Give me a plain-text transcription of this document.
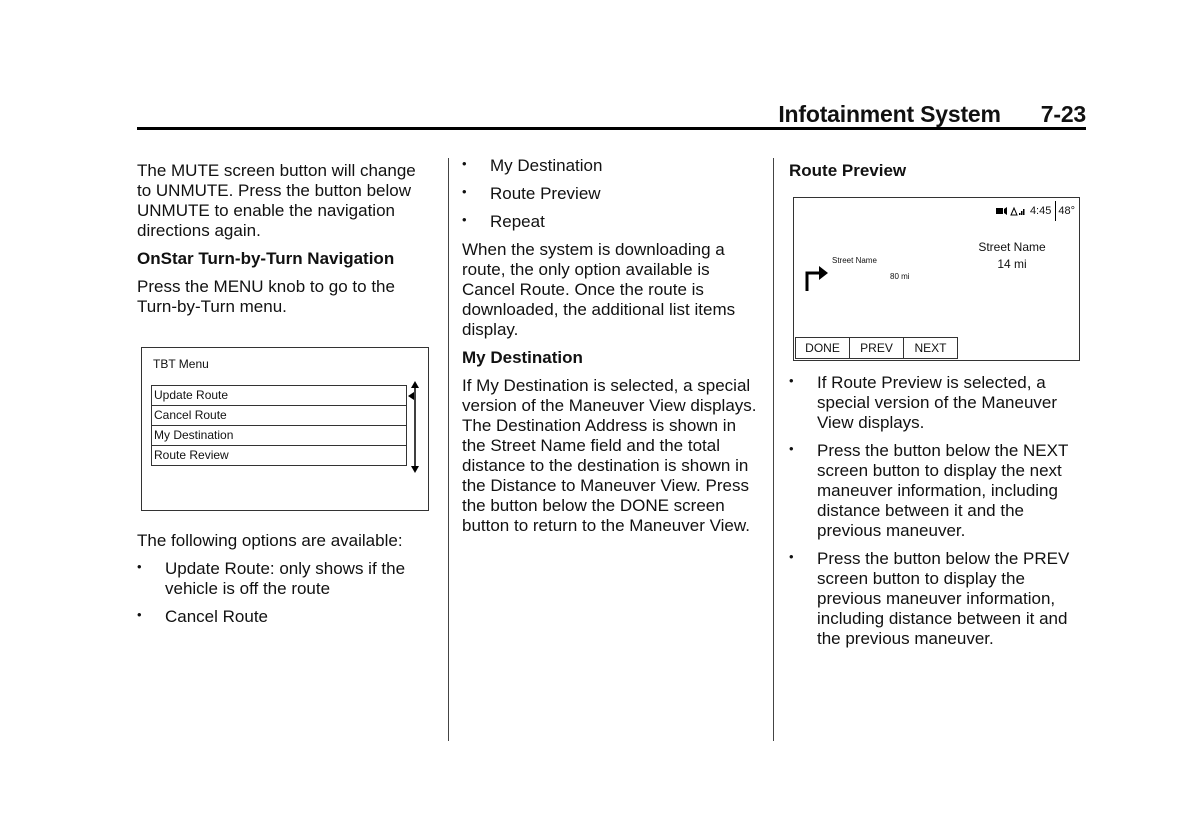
Infotainment System 7-23

The MUTE screen button will change to UNMUTE. Press the button below UNMUTE to enable the navigation directions again.

OnStar Turn-by-Turn Navigation

Press the MENU knob to go to the Turn-by-Turn menu.

TBT Menu
Update Route
Cancel Route
My Destination
Route Review

The following options are available:

• Update Route: only shows if the vehicle is off the route
• Cancel Route
• My Destination
• Route Preview
• Repeat

When the system is downloading a route, the only option available is Cancel Route. Once the route is downloaded, the additional list items display.

My Destination

If My Destination is selected, a special version of the Maneuver View displays. The Destination Address is shown in the Street Name field and the total distance to the destination is shown in the Distance to Maneuver View. Press the button below the DONE screen button to return to the Maneuver View.

Route Preview
4:45 48°
Street Name
14 mi
Street Name
80 mi
DONE	PREV	NEXT
• If Route Preview is selected, a special version of the Maneuver View displays.
• Press the button below the NEXT screen button to display the next maneuver information, including distance between it and the previous maneuver.
• Press the button below the PREV screen button to display the previous maneuver information, including distance between it and the previous maneuver.
